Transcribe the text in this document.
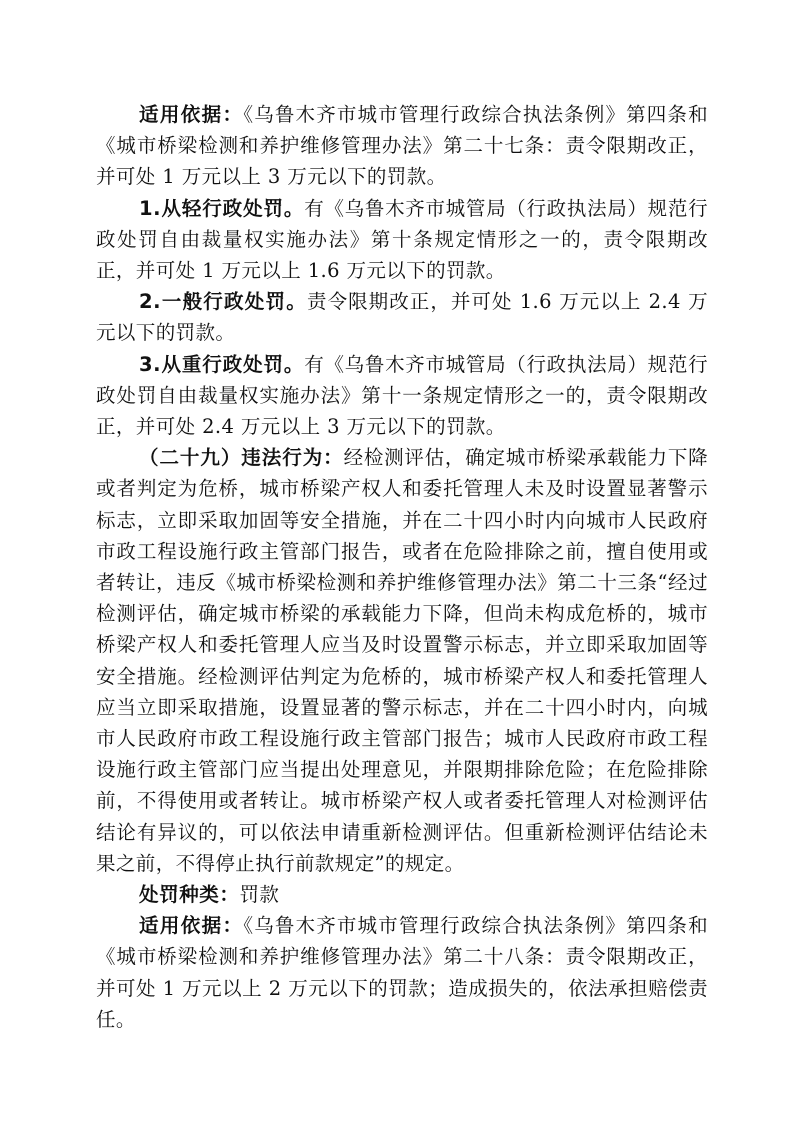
适用依据：《乌鲁木齐市城市管理行政综合执法条例》第四条和《城市桥梁检测和养护维修管理办法》第二十七条：责令限期改正，并可处 1 万元以上 3 万元以下的罚款。

1.从轻行政处罚。有《乌鲁木齐市城管局（行政执法局）规范行政处罚自由裁量权实施办法》第十条规定情形之一的，责令限期改正，并可处 1 万元以上 1.6 万元以下的罚款。

2.一般行政处罚。责令限期改正，并可处 1.6 万元以上 2.4 万元以下的罚款。

3.从重行政处罚。有《乌鲁木齐市城管局（行政执法局）规范行政处罚自由裁量权实施办法》第十一条规定情形之一的，责令限期改正，并可处 2.4 万元以上 3 万元以下的罚款。

（二十九）违法行为：经检测评估，确定城市桥梁承载能力下降或者判定为危桥，城市桥梁产权人和委托管理人未及时设置显著警示标志，立即采取加固等安全措施，并在二十四小时内向城市人民政府市政工程设施行政主管部门报告，或者在危险排除之前，擅自使用或者转让，违反《城市桥梁检测和养护维修管理办法》第二十三条“经过检测评估，确定城市桥梁的承载能力下降，但尚未构成危桥的，城市桥梁产权人和委托管理人应当及时设置警示标志，并立即采取加固等安全措施。经检测评估判定为危桥的，城市桥梁产权人和委托管理人应当立即采取措施，设置显著的警示标志，并在二十四小时内，向城市人民政府市政工程设施行政主管部门报告；城市人民政府市政工程设施行政主管部门应当提出处理意见，并限期排除危险；在危险排除前，不得使用或者转让。城市桥梁产权人或者委托管理人对检测评估结论有异议的，可以依法申请重新检测评估。但重新检测评估结论未果之前，不得停止执行前款规定”的规定。

处罚种类：罚款

适用依据：《乌鲁木齐市城市管理行政综合执法条例》第四条和《城市桥梁检测和养护维修管理办法》第二十八条：责令限期改正，并可处 1 万元以上 2 万元以下的罚款；造成损失的，依法承担赔偿责任。
